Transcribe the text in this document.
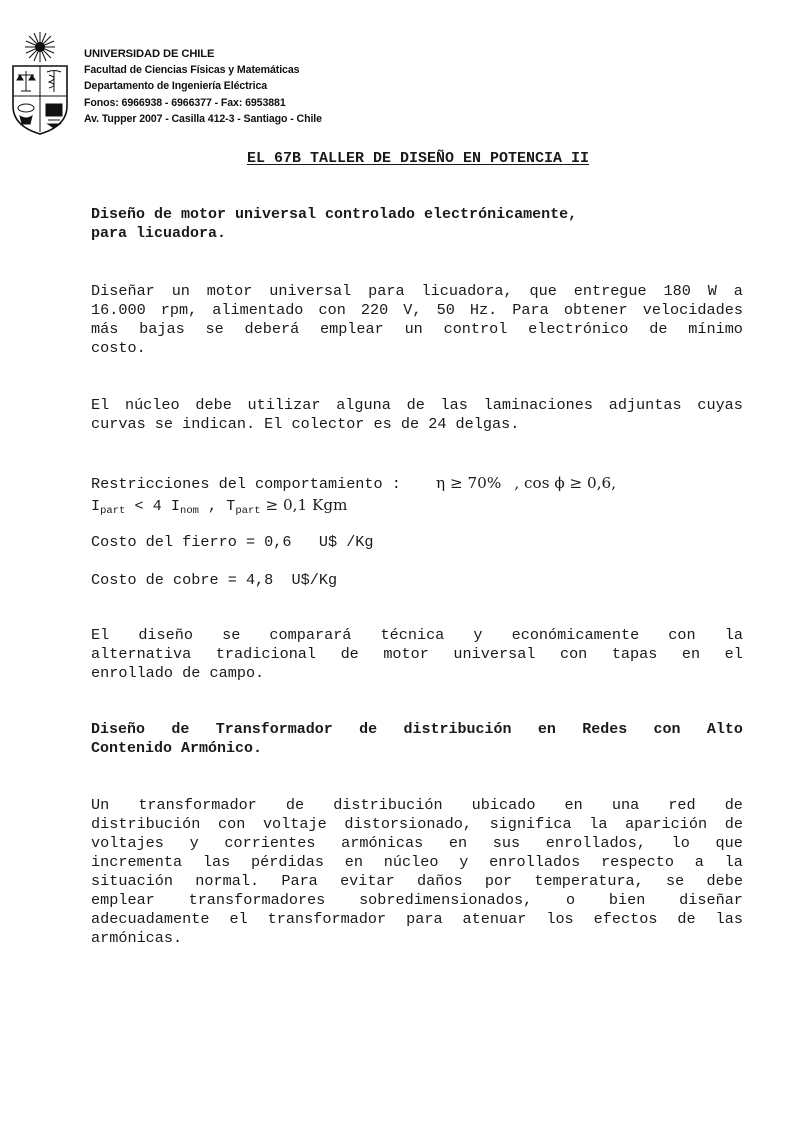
UNIVERSIDAD DE CHILE
Facultad de Ciencias Físicas y Matemáticas
Departamento de Ingeniería Eléctrica
Fonos: 6966938 - 6966377 - Fax: 6953881
Av. Tupper 2007 - Casilla 412-3 - Santiago - Chile
EL 67B TALLER DE DISEÑO EN POTENCIA II
Diseño de motor universal controlado electrónicamente,
para licuadora.
Diseñar un motor universal para licuadora, que entregue 180 W a
16.000 rpm, alimentado con 220 V, 50 Hz. Para obtener velocidades
más bajas se deberá emplear un control electrónico de mínimo
costo.
El núcleo debe utilizar alguna de las laminaciones adjuntas cuyas
curvas se indican. El colector es de 24 delgas.
Restricciones del comportamiento : η ≥ 70% , cos ϕ ≥ 0,6,
$I_{part} < 4$ $I_{nom}$ , $T_{part} \ge 0,1$ Kgm
Costo del fierro = 0,6   U$ /Kg
Costo de cobre = 4,8  U$/Kg
El diseño se comparará técnica y económicamente con la
alternativa tradicional de motor universal con tapas en el
enrollado de campo.
Diseño de Transformador de distribución en Redes con Alto
Contenido Armónico.
Un transformador de distribución ubicado en una red de
distribución con voltaje distorsionado, significa la aparición de
voltajes y corrientes armónicas en sus enrollados, lo que
incrementa las pérdidas en núcleo y enrollados respecto a la
situación normal. Para evitar daños por temperatura, se debe
emplear transformadores sobredimensionados, o bien diseñar
adecuadamente el transformador para atenuar los efectos de las
armónicas.
